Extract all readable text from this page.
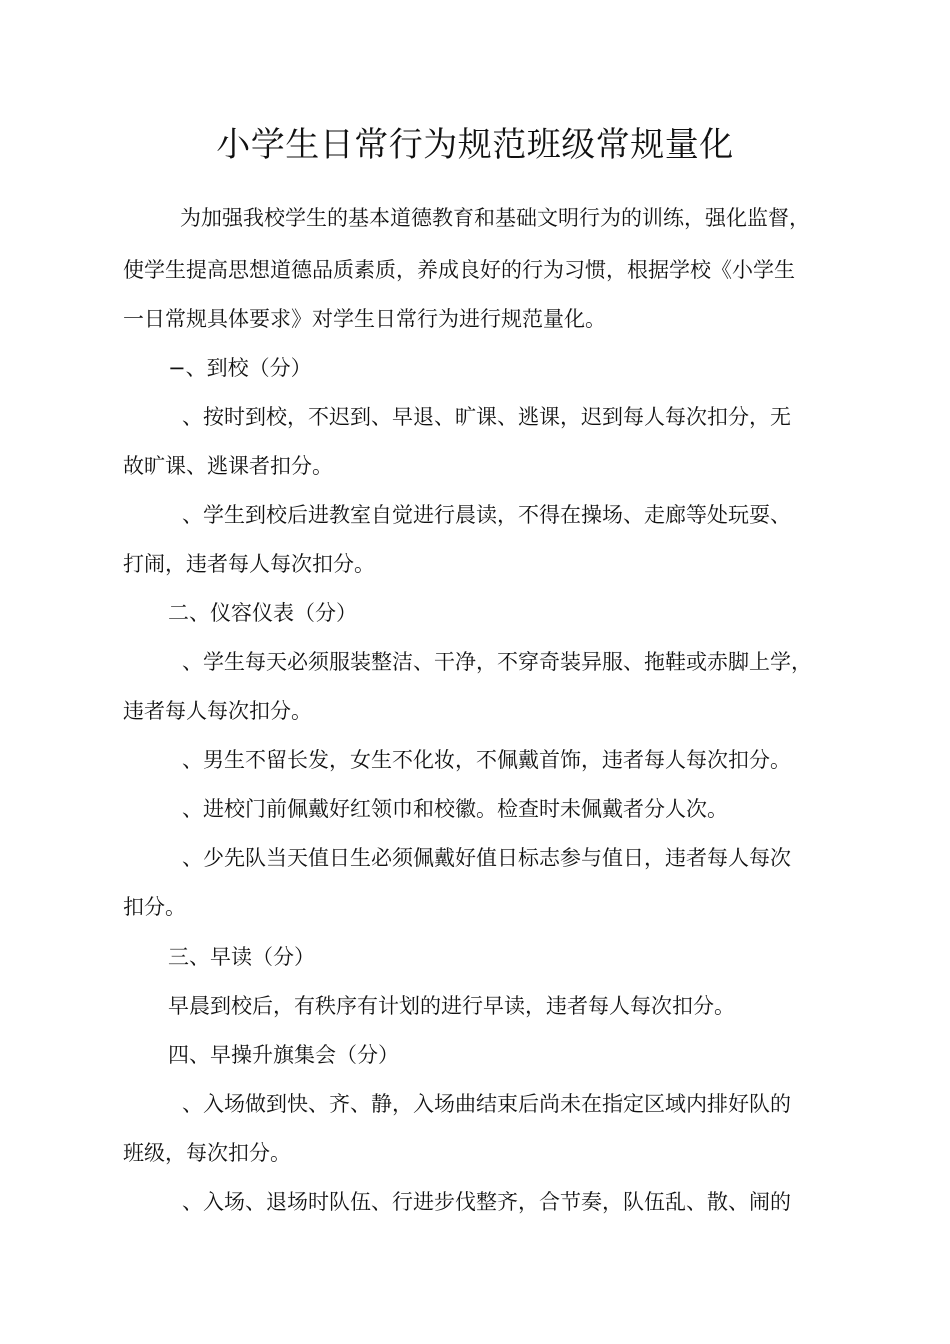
小学生日常行为规范班级常规量化
为加强我校学生的基本道德教育和基础文明行为的训练，强化监督，
使学生提高思想道德品质素质，养成良好的行为习惯，根据学校《小学生
一日常规具体要求》对学生日常行为进行规范量化。
−、到校（分）
、按时到校，不迟到、早退、旷课、逃课，迟到每人每次扣分，无
故旷课、逃课者扣分。
、学生到校后进教室自觉进行晨读，不得在操场、走廊等处玩耍、
打闹，违者每人每次扣分。
二、仪容仪表（分）
、学生每天必须服装整洁、干净，不穿奇装异服、拖鞋或赤脚上学，
违者每人每次扣分。
、男生不留长发，女生不化妆，不佩戴首饰，违者每人每次扣分。
、进校门前佩戴好红领巾和校徽。检查时未佩戴者分人次。
、少先队当天值日生必须佩戴好值日标志参与值日，违者每人每次
扣分。
三、早读（分）
早晨到校后，有秩序有计划的进行早读，违者每人每次扣分。
四、早操升旗集会（分）
、入场做到快、齐、静，入场曲结束后尚未在指定区域内排好队的
班级，每次扣分。
、入场、退场时队伍、行进步伐整齐，合节奏，队伍乱、散、闹的
